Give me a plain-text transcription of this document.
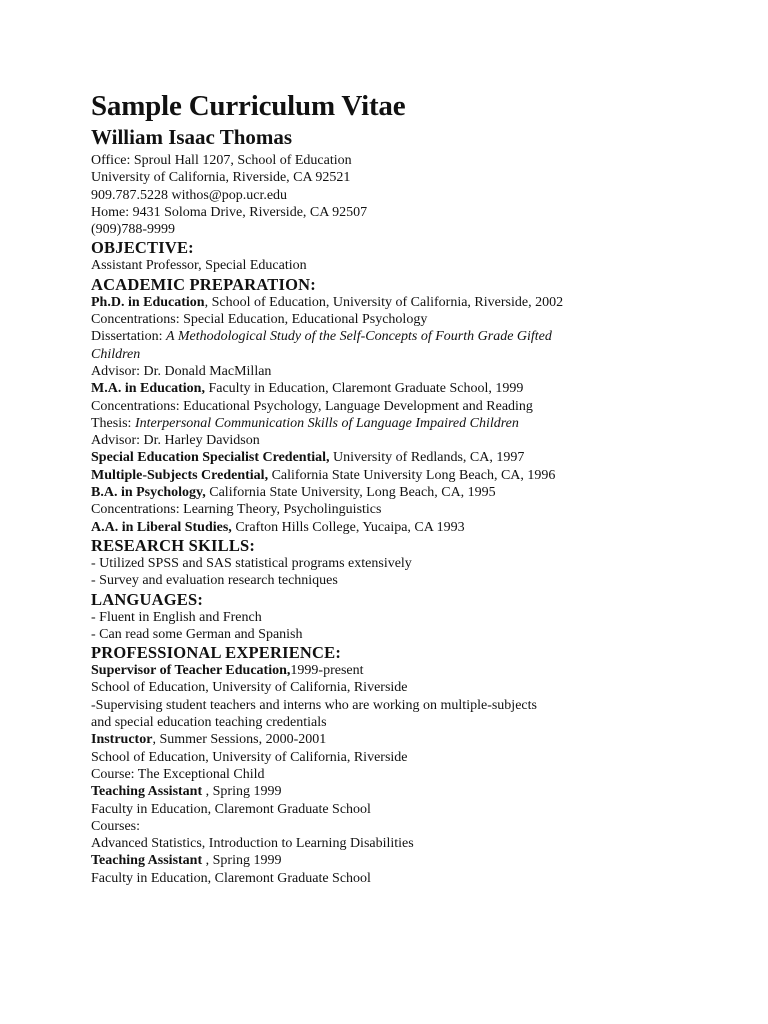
Sample Curriculum Vitae
William Isaac Thomas
Office: Sproul Hall 1207, School of Education
University of California, Riverside, CA 92521
909.787.5228 withos@pop.ucr.edu
Home: 9431 Soloma Drive, Riverside, CA 92507
(909)788-9999
OBJECTIVE:
Assistant Professor, Special Education
ACADEMIC PREPARATION:
Ph.D. in Education, School of Education, University of California, Riverside, 2002
Concentrations: Special Education, Educational Psychology
Dissertation: A Methodological Study of the Self-Concepts of Fourth Grade Gifted Children
Advisor: Dr. Donald MacMillan
M.A. in Education, Faculty in Education, Claremont Graduate School, 1999
Concentrations: Educational Psychology, Language Development and Reading
Thesis: Interpersonal Communication Skills of Language Impaired Children
Advisor: Dr. Harley Davidson
Special Education Specialist Credential, University of Redlands, CA, 1997
Multiple-Subjects Credential, California State University Long Beach, CA, 1996
B.A. in Psychology, California State University, Long Beach, CA, 1995
Concentrations: Learning Theory, Psycholinguistics
A.A. in Liberal Studies, Crafton Hills College, Yucaipa, CA 1993
RESEARCH SKILLS:
- Utilized SPSS and SAS statistical programs extensively
- Survey and evaluation research techniques
LANGUAGES:
- Fluent in English and French
- Can read some German and Spanish
PROFESSIONAL EXPERIENCE:
Supervisor of Teacher Education,1999-present
School of Education, University of California, Riverside
-Supervising student teachers and interns who are working on multiple-subjects
and special education teaching credentials
Instructor, Summer Sessions, 2000-2001
School of Education, University of California, Riverside
Course: The Exceptional Child
Teaching Assistant , Spring 1999
Faculty in Education, Claremont Graduate School
Courses:
Advanced Statistics, Introduction to Learning Disabilities
Teaching Assistant , Spring 1999
Faculty in Education, Claremont Graduate School
